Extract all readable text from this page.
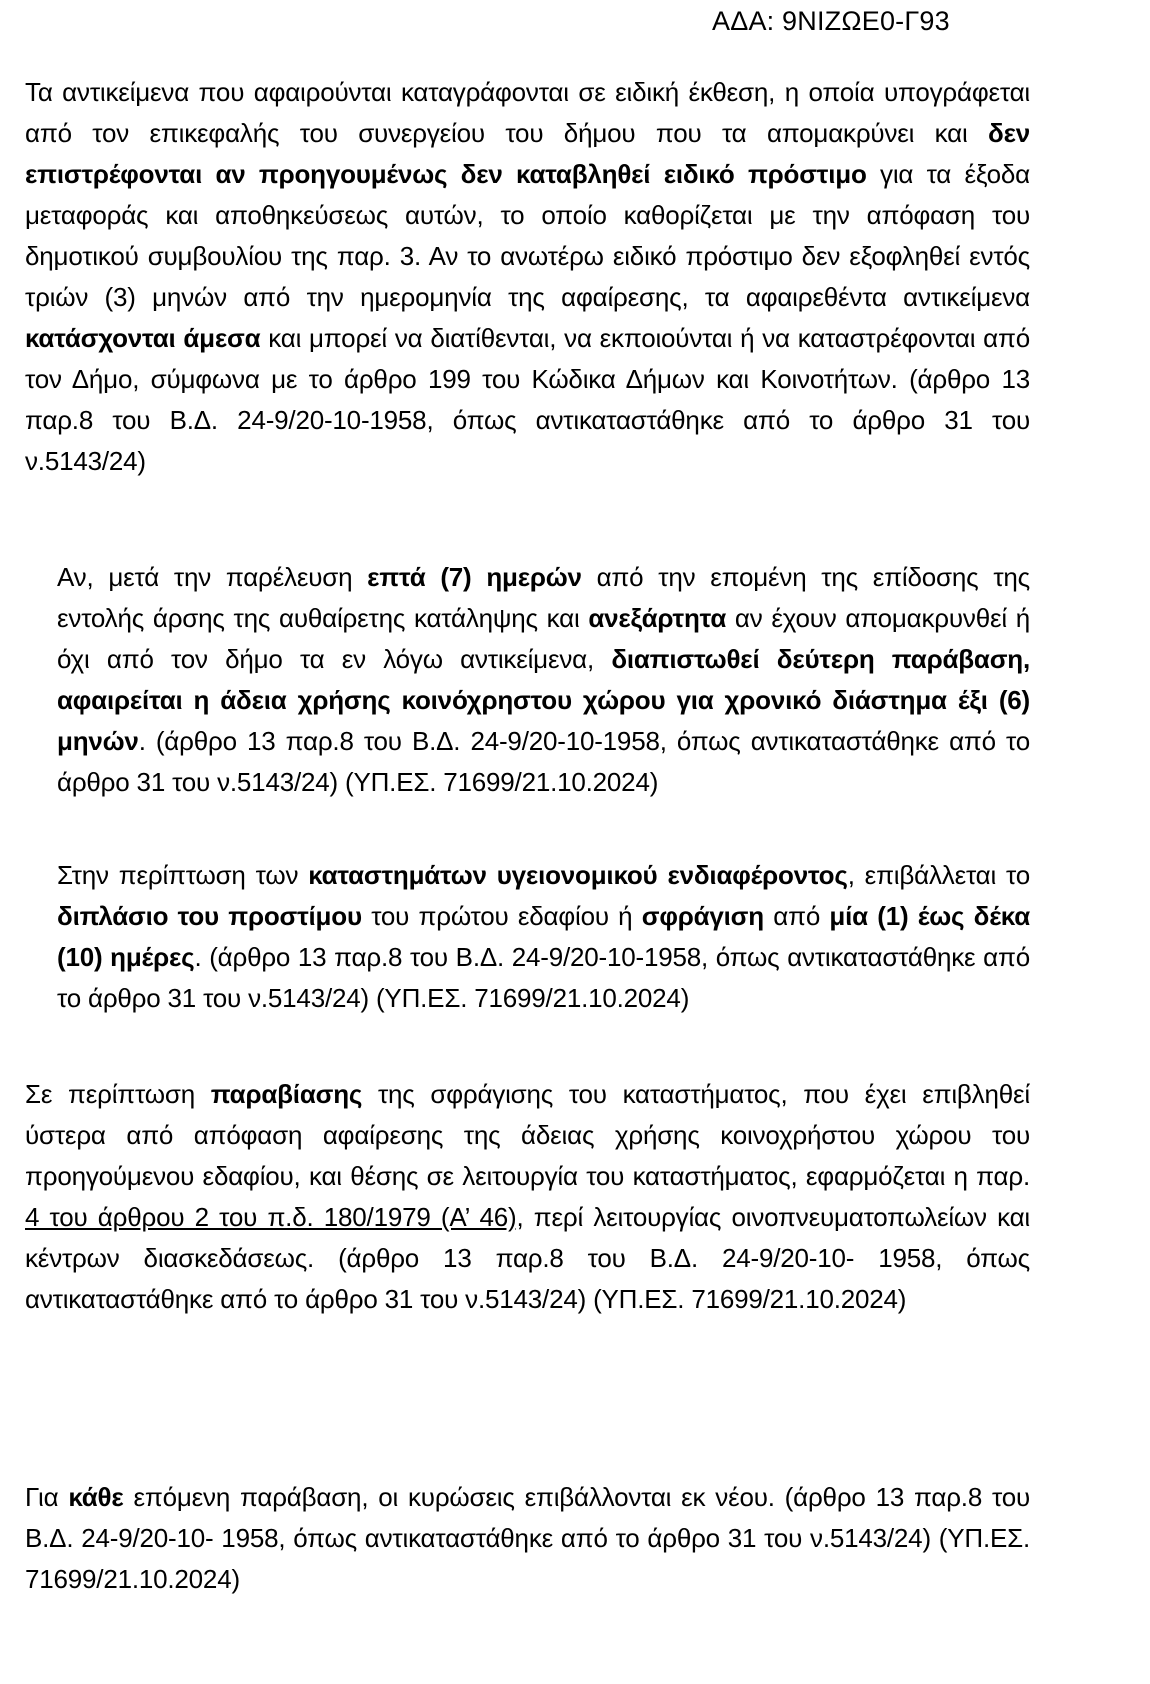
ΑΔΑ: 9ΝΙΖΩΕ0-Γ93

Τα αντικείμενα που αφαιρούνται καταγράφονται σε ειδική έκθεση, η οποία υπογράφεται από τον επικεφαλής του συνεργείου του δήμου που τα απομακρύνει και δεν επιστρέφονται αν προηγουμένως δεν καταβληθεί ειδικό πρόστιμο για τα έξοδα μεταφοράς και αποθηκεύσεως αυτών, το οποίο καθορίζεται με την απόφαση του δημοτικού συμβουλίου της παρ. 3. Αν το ανωτέρω ειδικό πρόστιμο δεν εξοφληθεί εντός τριών (3) μηνών από την ημερομηνία της αφαίρεσης, τα αφαιρεθέντα αντικείμενα κατάσχονται άμεσα και μπορεί να διατίθενται, να εκποιούνται ή να καταστρέφονται από τον Δήμο, σύμφωνα με το άρθρο 199 του Κώδικα Δήμων και Κοινοτήτων. (άρθρο 13 παρ.8 του Β.Δ. 24-9/20-10-1958, όπως αντικαταστάθηκε από το άρθρο 31 του ν.5143/24)

Αν, μετά την παρέλευση επτά (7) ημερών από την επομένη της επίδοσης της εντολής άρσης της αυθαίρετης κατάληψης και ανεξάρτητα αν έχουν απομακρυνθεί ή όχι από τον δήμο τα εν λόγω αντικείμενα, διαπιστωθεί δεύτερη παράβαση, αφαιρείται η άδεια χρήσης κοινόχρηστου χώρου για χρονικό διάστημα έξι (6) μηνών. (άρθρο 13 παρ.8 του Β.Δ. 24-9/20-10-1958, όπως αντικαταστάθηκε από το άρθρο 31 του ν.5143/24) (ΥΠ.ΕΣ. 71699/21.10.2024)

Στην περίπτωση των καταστημάτων υγειονομικού ενδιαφέροντος, επιβάλλεται το διπλάσιο του προστίμου του πρώτου εδαφίου ή σφράγιση από μία (1) έως δέκα (10) ημέρες. (άρθρο 13 παρ.8 του Β.Δ. 24-9/20-10-1958, όπως αντικαταστάθηκε από το άρθρο 31 του ν.5143/24) (ΥΠ.ΕΣ. 71699/21.10.2024)

Σε περίπτωση παραβίασης της σφράγισης του καταστήματος, που έχει επιβληθεί ύστερα από απόφαση αφαίρεσης της άδειας χρήσης κοινοχρήστου χώρου του προηγούμενου εδαφίου, και θέσης σε λειτουργία του καταστήματος, εφαρμόζεται η παρ. 4 του άρθρου 2 του π.δ. 180/1979 (Α’ 46), περί λειτουργίας οινοπνευματοπωλείων και κέντρων διασκεδάσεως. (άρθρο 13 παρ.8 του Β.Δ. 24-9/20-10- 1958, όπως αντικαταστάθηκε από το άρθρο 31 του ν.5143/24) (ΥΠ.ΕΣ. 71699/21.10.2024)

Για κάθε επόμενη παράβαση, οι κυρώσεις επιβάλλονται εκ νέου. (άρθρο 13 παρ.8 του Β.Δ. 24-9/20-10- 1958, όπως αντικαταστάθηκε από το άρθρο 31 του ν.5143/24) (ΥΠ.ΕΣ. 71699/21.10.2024)
